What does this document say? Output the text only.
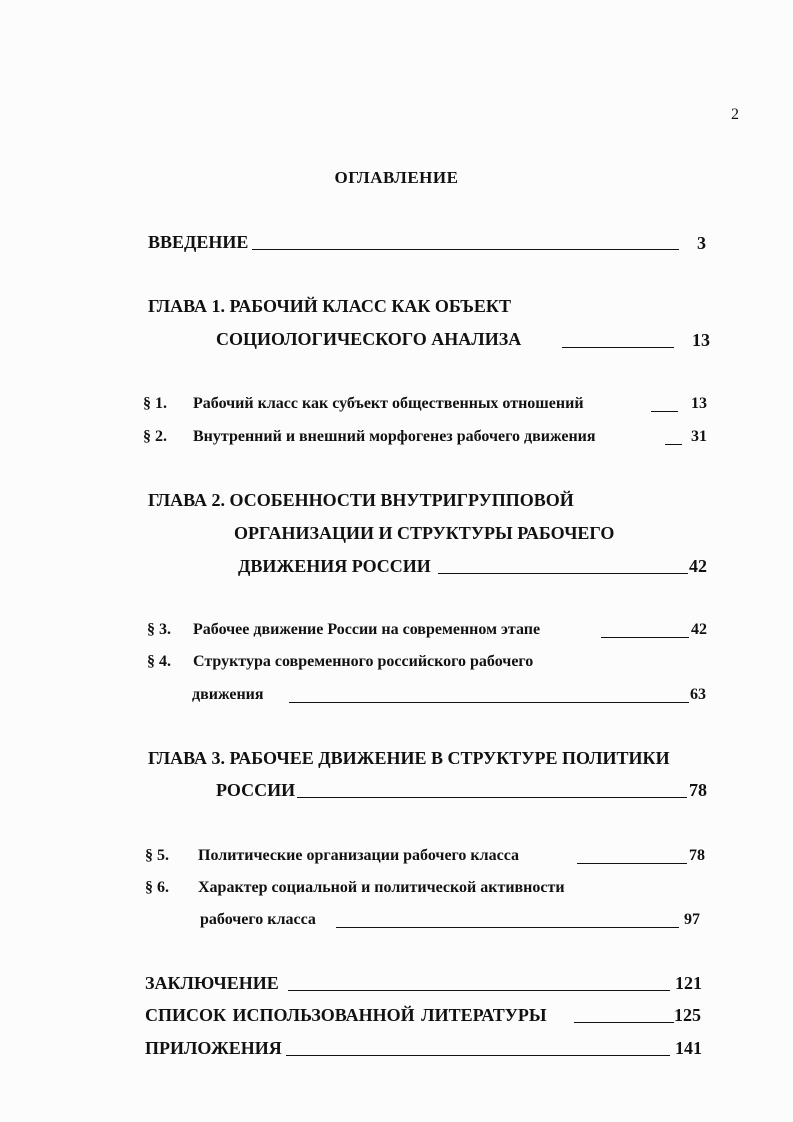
2
ОГЛАВЛЕНИЕ
ВВЕДЕНИЕ	3
ГЛАВА 1. РАБОЧИЙ КЛАСС КАК ОБЪЕКТ
СОЦИОЛОГИЧЕСКОГО АНАЛИЗА	13
§ 1. Рабочий класс как субъект общественных отношений	13
§ 2. Внутренний и внешний морфогенез рабочего движения	31
ГЛАВА 2. ОСОБЕННОСТИ ВНУТРИГРУППОВОЙ
ОРГАНИЗАЦИИ И СТРУКТУРЫ РАБОЧЕГО
ДВИЖЕНИЯ РОССИИ	42
§ 3. Рабочее движение России на современном этапе	42
§ 4. Структура современного российского рабочего
движения	63
ГЛАВА 3. РАБОЧЕЕ ДВИЖЕНИЕ В СТРУКТУРЕ ПОЛИТИКИ
РОССИИ	78
§ 5. Политические организации рабочего класса	78
§ 6. Характер социальной и политической активности
рабочего класса	97
ЗАКЛЮЧЕНИЕ	121
СПИСОК ИСПОЛЬЗОВАННОЙ ЛИТЕРАТУРЫ	125
ПРИЛОЖЕНИЯ	141
